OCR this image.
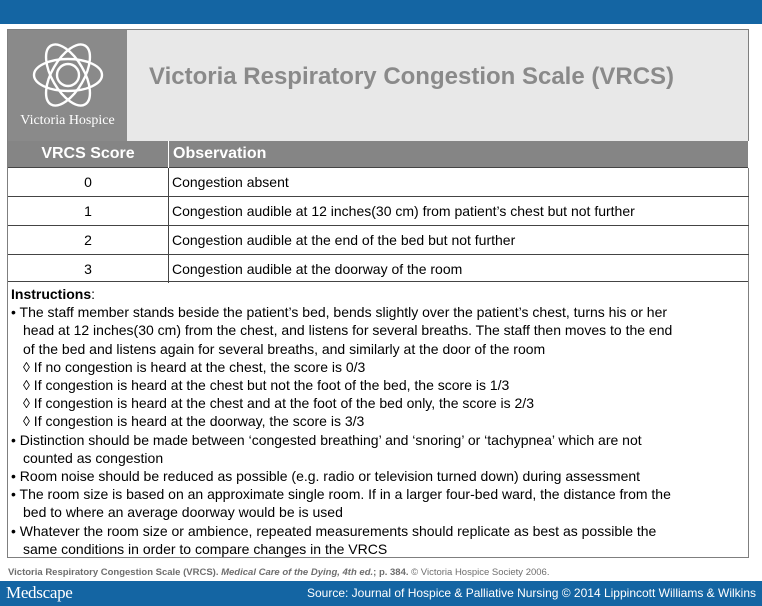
Victoria Hospice
Victoria Respiratory Congestion Scale (VRCS)
VRCS Score	Observation
0	Congestion absent
1	Congestion audible at 12 inches(30 cm) from patient’s chest but not further
2	Congestion audible at the end of the bed but not further
3	Congestion audible at the doorway of the room
Instructions:
• The staff member stands beside the patient’s bed, bends slightly over the patient’s chest, turns his or her
head at 12 inches(30 cm) from the chest, and listens for several breaths. The staff then moves to the end
of the bed and listens again for several breaths, and similarly at the door of the room
◊ If no congestion is heard at the chest, the score is 0/3
◊ If congestion is heard at the chest but not the foot of the bed, the score is 1/3
◊ If congestion is heard at the chest and at the foot of the bed only, the score is 2/3
◊ If congestion is heard at the doorway, the score is 3/3
• Distinction should be made between ‘congested breathing’ and ‘snoring’ or ‘tachypnea’ which are not
counted as congestion
• Room noise should be reduced as possible (e.g. radio or television turned down) during assessment
• The room size is based on an approximate single room. If in a larger four-bed ward, the distance from the
bed to where an average doorway would be is used
• Whatever the room size or ambience, repeated measurements should replicate as best as possible the
same conditions in order to compare changes in the VRCS
Victoria Respiratory Congestion Scale (VRCS). Medical Care of the Dying, 4th ed.; p. 384. © Victoria Hospice Society 2006.
Medscape	Source: Journal of Hospice & Palliative Nursing © 2014 Lippincott Williams & Wilkins
